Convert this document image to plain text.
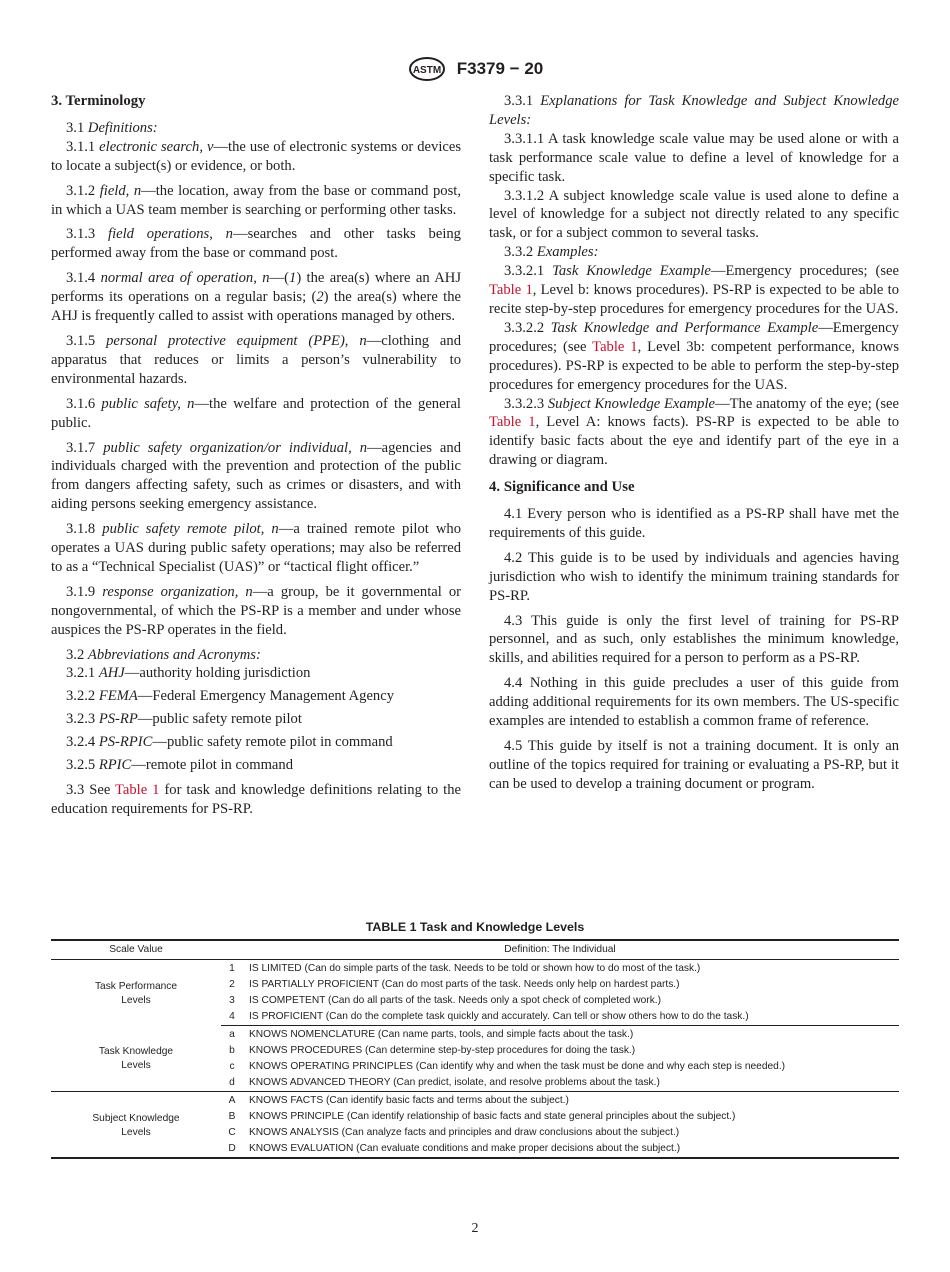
ASTM F3379 − 20
3. Terminology

3.1 Definitions:

3.1.1 electronic search, v—the use of electronic systems or devices to locate a subject(s) or evidence, or both.

3.1.2 field, n—the location, away from the base or command post, in which a UAS team member is searching or performing other tasks.

3.1.3 field operations, n—searches and other tasks being performed away from the base or command post.

3.1.4 normal area of operation, n—(1) the area(s) where an AHJ performs its operations on a regular basis; (2) the area(s) where the AHJ is frequently called to assist with operations managed by others.

3.1.5 personal protective equipment (PPE), n—clothing and apparatus that reduces or limits a person’s vulnerability to environmental hazards.

3.1.6 public safety, n—the welfare and protection of the general public.

3.1.7 public safety organization/or individual, n—agencies and individuals charged with the prevention and protection of the public from dangers affecting safety, such as crimes or disasters, and with aiding persons seeking emergency assistance.

3.1.8 public safety remote pilot, n—a trained remote pilot who operates a UAS during public safety operations; may also be referred to as a “Technical Specialist (UAS)” or “tactical flight officer.”

3.1.9 response organization, n—a group, be it governmental or nongovernmental, of which the PS-RP is a member and under whose auspices the PS-RP operates in the field.

3.2 Abbreviations and Acronyms:

3.2.1 AHJ—authority holding jurisdiction

3.2.2 FEMA—Federal Emergency Management Agency

3.2.3 PS-RP—public safety remote pilot

3.2.4 PS-RPIC—public safety remote pilot in command

3.2.5 RPIC—remote pilot in command

3.3 See Table 1 for task and knowledge definitions relating to the education requirements for PS-RP.

3.3.1 Explanations for Task Knowledge and Subject Knowledge Levels:

3.3.1.1 A task knowledge scale value may be used alone or with a task performance scale value to define a level of knowledge for a specific task.

3.3.1.2 A subject knowledge scale value is used alone to define a level of knowledge for a subject not directly related to any specific task, or for a subject common to several tasks.

3.3.2 Examples:

3.3.2.1 Task Knowledge Example—Emergency procedures; (see Table 1, Level b: knows procedures). PS-RP is expected to be able to recite step-by-step procedures for emergency procedures for the UAS.

3.3.2.2 Task Knowledge and Performance Example—Emergency procedures; (see Table 1, Level 3b: competent performance, knows procedures). PS-RP is expected to be able to perform the step-by-step procedures for emergency procedures for the UAS.

3.3.2.3 Subject Knowledge Example—The anatomy of the eye; (see Table 1, Level A: knows facts). PS-RP is expected to be able to identify basic facts about the eye and identify part of the eye in a drawing or diagram.

4. Significance and Use

4.1 Every person who is identified as a PS-RP shall have met the requirements of this guide.

4.2 This guide is to be used by individuals and agencies having jurisdiction who wish to identify the minimum training standards for PS-RP.

4.3 This guide is only the first level of training for PS-RP personnel, and as such, only establishes the minimum knowledge, skills, and abilities required for a person to perform as a PS-RP.

4.4 Nothing in this guide precludes a user of this guide from adding additional requirements for its own members. The US-specific examples are intended to establish a common frame of reference.

4.5 This guide by itself is not a training document. It is only an outline of the topics required for training or evaluating a PS-RP, but it can be used to develop a training document or program.

TABLE 1 Task and Knowledge Levels
Scale Value	Definition: The Individual	
Task Performance
Levels	1	IS LIMITED (Can do simple parts of the task. Needs to be told or shown how to do most of the task.)
	2	IS PARTIALLY PROFICIENT (Can do most parts of the task. Needs only help on hardest parts.)
	3	IS COMPETENT (Can do all parts of the task. Needs only a spot check of completed work.)
	4	IS PROFICIENT (Can do the complete task quickly and accurately. Can tell or show others how to do the task.)
Task Knowledge
Levels	a	KNOWS NOMENCLATURE (Can name parts, tools, and simple facts about the task.)
	b	KNOWS PROCEDURES (Can determine step-by-step procedures for doing the task.)
	c	KNOWS OPERATING PRINCIPLES (Can identify why and when the task must be done and why each step is needed.)
	d	KNOWS ADVANCED THEORY (Can predict, isolate, and resolve problems about the task.)
Subject Knowledge
Levels	A	KNOWS FACTS (Can identify basic facts and terms about the subject.)
	B	KNOWS PRINCIPLE (Can identify relationship of basic facts and state general principles about the subject.)
	C	KNOWS ANALYSIS (Can analyze facts and principles and draw conclusions about the subject.)
	D	KNOWS EVALUATION (Can evaluate conditions and make proper decisions about the subject.)
2
